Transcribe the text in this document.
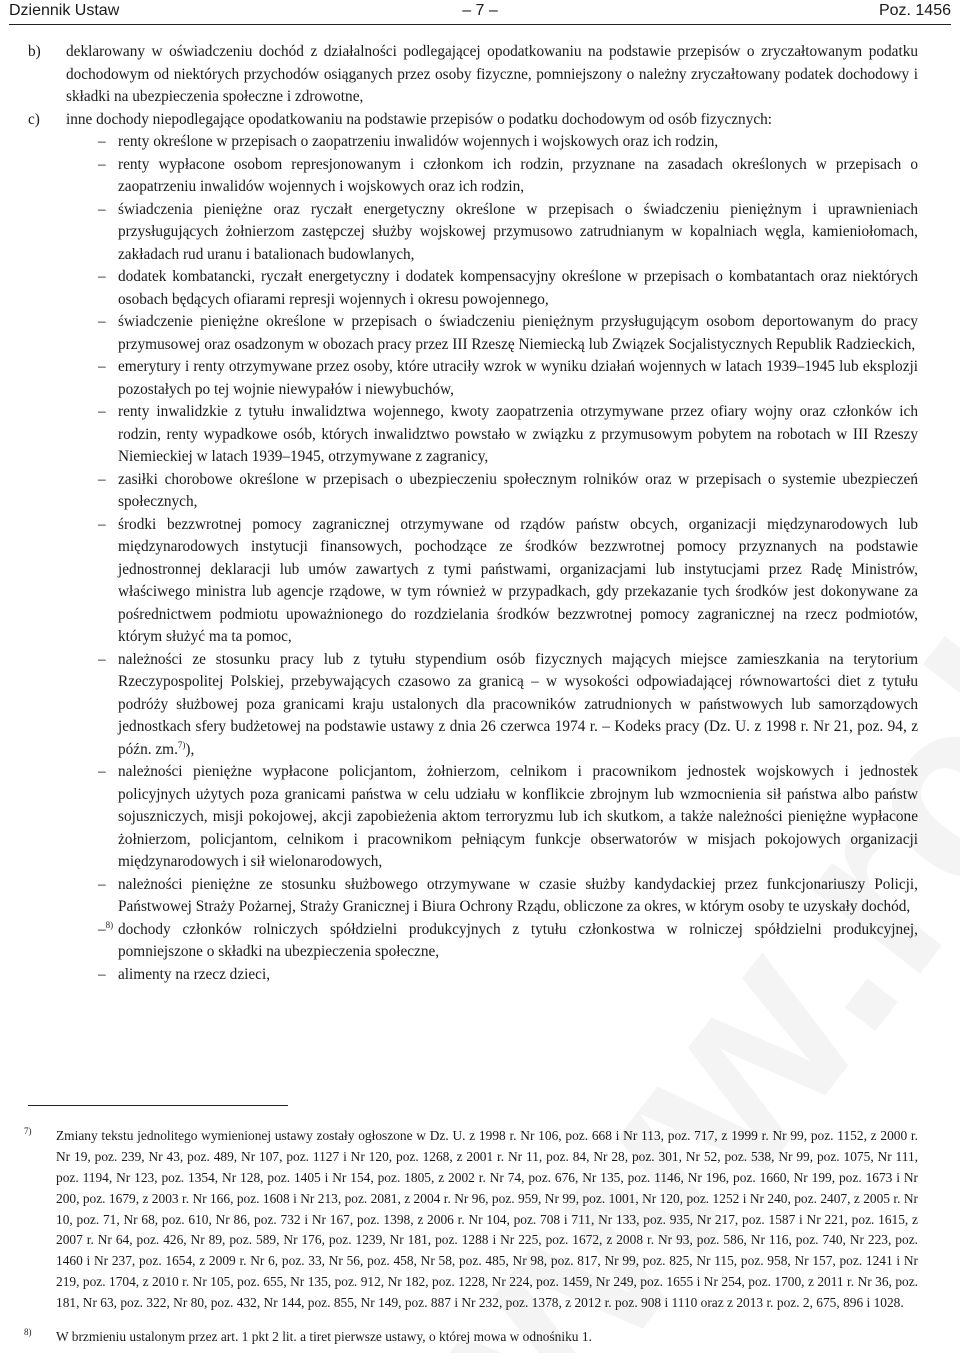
Dziennik Ustaw	– 7 –	Poz. 1456

b) deklarowany w oświadczeniu dochód z działalności podlegającej opodatkowaniu na podstawie przepisów o zryczałtowanym podatku dochodowym od niektórych przychodów osiąganych przez osoby fizyczne, pomniejszony o należny zryczałtowany podatek dochodowy i składki na ubezpieczenia społeczne i zdrowotne,

c) inne dochody niepodlegające opodatkowaniu na podstawie przepisów o podatku dochodowym od osób fizycznych:

– renty określone w przepisach o zaopatrzeniu inwalidów wojennych i wojskowych oraz ich rodzin,

– renty wypłacone osobom represjonowanym i członkom ich rodzin, przyznane na zasadach określonych w przepisach o zaopatrzeniu inwalidów wojennych i wojskowych oraz ich rodzin,

– świadczenia pieniężne oraz ryczałt energetyczny określone w przepisach o świadczeniu pieniężnym i uprawnieniach przysługujących żołnierzom zastępczej służby wojskowej przymusowo zatrudnianym w kopalniach węgla, kamieniołomach, zakładach rud uranu i batalionach budowlanych,

– dodatek kombatancki, ryczałt energetyczny i dodatek kompensacyjny określone w przepisach o kombatantach oraz niektórych osobach będących ofiarami represji wojennych i okresu powojennego,

– świadczenie pieniężne określone w przepisach o świadczeniu pieniężnym przysługującym osobom deportowanym do pracy przymusowej oraz osadzonym w obozach pracy przez III Rzeszę Niemiecką lub Związek Socjalistycznych Republik Radzieckich,

– emerytury i renty otrzymywane przez osoby, które utraciły wzrok w wyniku działań wojennych w latach 1939–1945 lub eksplozji pozostałych po tej wojnie niewypałów i niewybuchów,

– renty inwalidzkie z tytułu inwalidztwa wojennego, kwoty zaopatrzenia otrzymywane przez ofiary wojny oraz członków ich rodzin, renty wypadkowe osób, których inwalidztwo powstało w związku z przymusowym pobytem na robotach w III Rzeszy Niemieckiej w latach 1939–1945, otrzymywane z zagranicy,

– zasiłki chorobowe określone w przepisach o ubezpieczeniu społecznym rolników oraz w przepisach o systemie ubezpieczeń społecznych,

– środki bezzwrotnej pomocy zagranicznej otrzymywane od rządów państw obcych, organizacji międzynarodowych lub międzynarodowych instytucji finansowych, pochodzące ze środków bezzwrotnej pomocy przyznanych na podstawie jednostronnej deklaracji lub umów zawartych z tymi państwami, organizacjami lub instytucjami przez Radę Ministrów, właściwego ministra lub agencje rządowe, w tym również w przypadkach, gdy przekazanie tych środków jest dokonywane za pośrednictwem podmiotu upoważnionego do rozdzielania środków bezzwrotnej pomocy zagranicznej na rzecz podmiotów, którym służyć ma ta pomoc,

– należności ze stosunku pracy lub z tytułu stypendium osób fizycznych mających miejsce zamieszkania na terytorium Rzeczypospolitej Polskiej, przebywających czasowo za granicą – w wysokości odpowiadającej równowartości diet z tytułu podróży służbowej poza granicami kraju ustalonych dla pracowników zatrudnionych w państwowych lub samorządowych jednostkach sfery budżetowej na podstawie ustawy z dnia 26 czerwca 1974 r. – Kodeks pracy (Dz. U. z 1998 r. Nr 21, poz. 94, z późn. zm.$^{7)}$),

– należności pieniężne wypłacone policjantom, żołnierzom, celnikom i pracownikom jednostek wojskowych i jednostek policyjnych użytych poza granicami państwa w celu udziału w konflikcie zbrojnym lub wzmocnienia sił państwa albo państw sojuszniczych, misji pokojowej, akcji zapobieżenia aktom terroryzmu lub ich skutkom, a także należności pieniężne wypłacone żołnierzom, policjantom, celnikom i pracownikom pełniącym funkcje obserwatorów w misjach pokojowych organizacji międzynarodowych i sił wielonarodowych,

– należności pieniężne ze stosunku służbowego otrzymywane w czasie służby kandydackiej przez funkcjonariuszy Policji, Państwowej Straży Pożarnej, Straży Granicznej i Biura Ochrony Rządu, obliczone za okres, w którym osoby te uzyskały dochód,

–$^{8)}$ dochody członków rolniczych spółdzielni produkcyjnych z tytułu członkostwa w rolniczej spółdzielni produkcyjnej, pomniejszone o składki na ubezpieczenia społeczne,

– alimenty na rzecz dzieci,

7) Zmiany tekstu jednolitego wymienionej ustawy zostały ogłoszone w Dz. U. z 1998 r. Nr 106, poz. 668 i Nr 113, poz. 717, z 1999 r. Nr 99, poz. 1152, z 2000 r. Nr 19, poz. 239, Nr 43, poz. 489, Nr 107, poz. 1127 i Nr 120, poz. 1268, z 2001 r. Nr 11, poz. 84, Nr 28, poz. 301, Nr 52, poz. 538, Nr 99, poz. 1075, Nr 111, poz. 1194, Nr 123, poz. 1354, Nr 128, poz. 1405 i Nr 154, poz. 1805, z 2002 r. Nr 74, poz. 676, Nr 135, poz. 1146, Nr 196, poz. 1660, Nr 199, poz. 1673 i Nr 200, poz. 1679, z 2003 r. Nr 166, poz. 1608 i Nr 213, poz. 2081, z 2004 r. Nr 96, poz. 959, Nr 99, poz. 1001, Nr 120, poz. 1252 i Nr 240, poz. 2407, z 2005 r. Nr 10, poz. 71, Nr 68, poz. 610, Nr 86, poz. 732 i Nr 167, poz. 1398, z 2006 r. Nr 104, poz. 708 i 711, Nr 133, poz. 935, Nr 217, poz. 1587 i Nr 221, poz. 1615, z 2007 r. Nr 64, poz. 426, Nr 89, poz. 589, Nr 176, poz. 1239, Nr 181, poz. 1288 i Nr 225, poz. 1672, z 2008 r. Nr 93, poz. 586, Nr 116, poz. 740, Nr 223, poz. 1460 i Nr 237, poz. 1654, z 2009 r. Nr 6, poz. 33, Nr 56, poz. 458, Nr 58, poz. 485, Nr 98, poz. 817, Nr 99, poz. 825, Nr 115, poz. 958, Nr 157, poz. 1241 i Nr 219, poz. 1704, z 2010 r. Nr 105, poz. 655, Nr 135, poz. 912, Nr 182, poz. 1228, Nr 224, poz. 1459, Nr 249, poz. 1655 i Nr 254, poz. 1700, z 2011 r. Nr 36, poz. 181, Nr 63, poz. 322, Nr 80, poz. 432, Nr 144, poz. 855, Nr 149, poz. 887 i Nr 232, poz. 1378, z 2012 r. poz. 908 i 1110 oraz z 2013 r. poz. 2, 675, 896 i 1028.

8) W brzmieniu ustalonym przez art. 1 pkt 2 lit. a tiret pierwsze ustawy, o której mowa w odnośniku 1.
